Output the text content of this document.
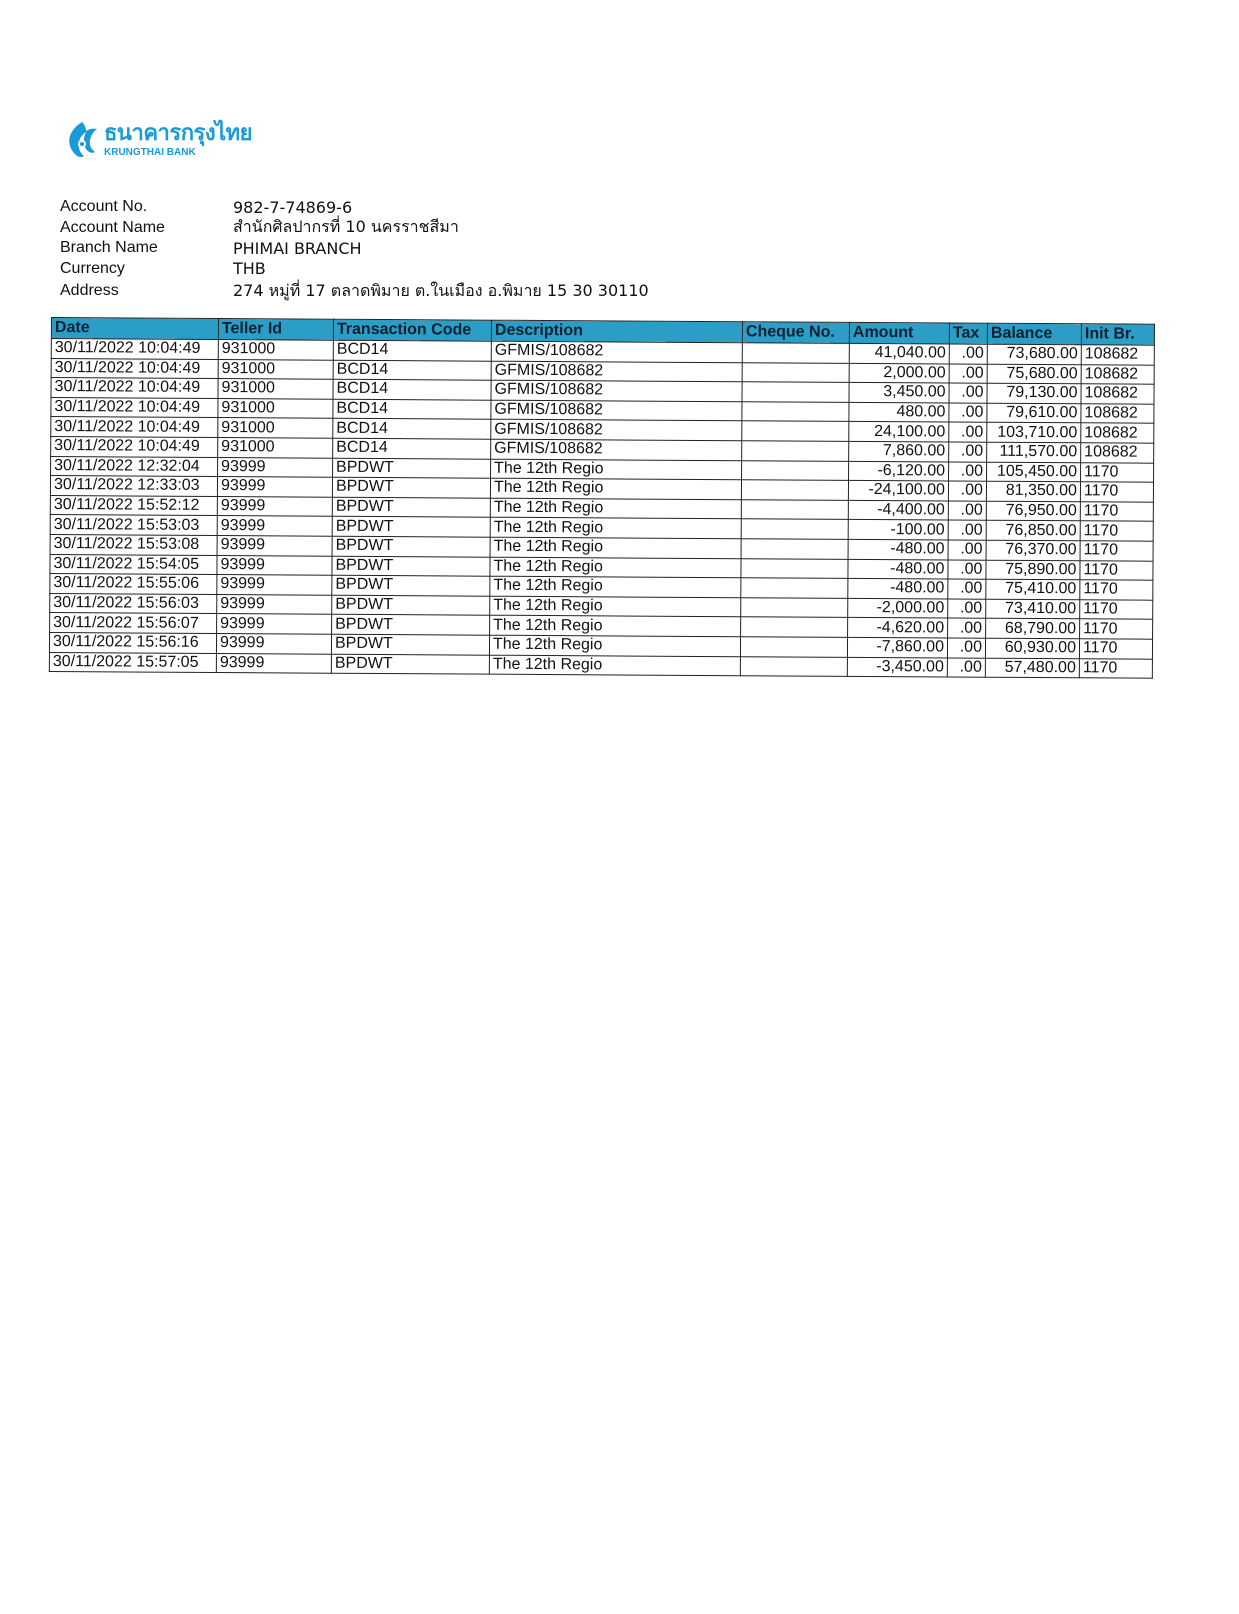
ธนาคารกรุงไทย
KRUNGTHAI BANK
Account No.	982-7-74869-6
Account Name	สำนักศิลปากรที่ 10 นครราชสีมา
Branch Name	PHIMAI BRANCH
Currency	THB
Address	274 หมู่ที่ 17 ตลาดพิมาย ต.ในเมือง อ.พิมาย 15 30 30110
Date	Teller Id	Transaction Code	Description	Cheque No.	Amount	Tax	Balance	Init Br.
30/11/2022 10:04:49	931000	BCD14	GFMIS/108682		41,040.00	.00	73,680.00	108682
30/11/2022 10:04:49	931000	BCD14	GFMIS/108682		2,000.00	.00	75,680.00	108682
30/11/2022 10:04:49	931000	BCD14	GFMIS/108682		3,450.00	.00	79,130.00	108682
30/11/2022 10:04:49	931000	BCD14	GFMIS/108682		480.00	.00	79,610.00	108682
30/11/2022 10:04:49	931000	BCD14	GFMIS/108682		24,100.00	.00	103,710.00	108682
30/11/2022 10:04:49	931000	BCD14	GFMIS/108682		7,860.00	.00	111,570.00	108682
30/11/2022 12:32:04	93999	BPDWT	The 12th Regio		-6,120.00	.00	105,450.00	1170
30/11/2022 12:33:03	93999	BPDWT	The 12th Regio		-24,100.00	.00	81,350.00	1170
30/11/2022 15:52:12	93999	BPDWT	The 12th Regio		-4,400.00	.00	76,950.00	1170
30/11/2022 15:53:03	93999	BPDWT	The 12th Regio		-100.00	.00	76,850.00	1170
30/11/2022 15:53:08	93999	BPDWT	The 12th Regio		-480.00	.00	76,370.00	1170
30/11/2022 15:54:05	93999	BPDWT	The 12th Regio		-480.00	.00	75,890.00	1170
30/11/2022 15:55:06	93999	BPDWT	The 12th Regio		-480.00	.00	75,410.00	1170
30/11/2022 15:56:03	93999	BPDWT	The 12th Regio		-2,000.00	.00	73,410.00	1170
30/11/2022 15:56:07	93999	BPDWT	The 12th Regio		-4,620.00	.00	68,790.00	1170
30/11/2022 15:56:16	93999	BPDWT	The 12th Regio		-7,860.00	.00	60,930.00	1170
30/11/2022 15:57:05	93999	BPDWT	The 12th Regio		-3,450.00	.00	57,480.00	1170
